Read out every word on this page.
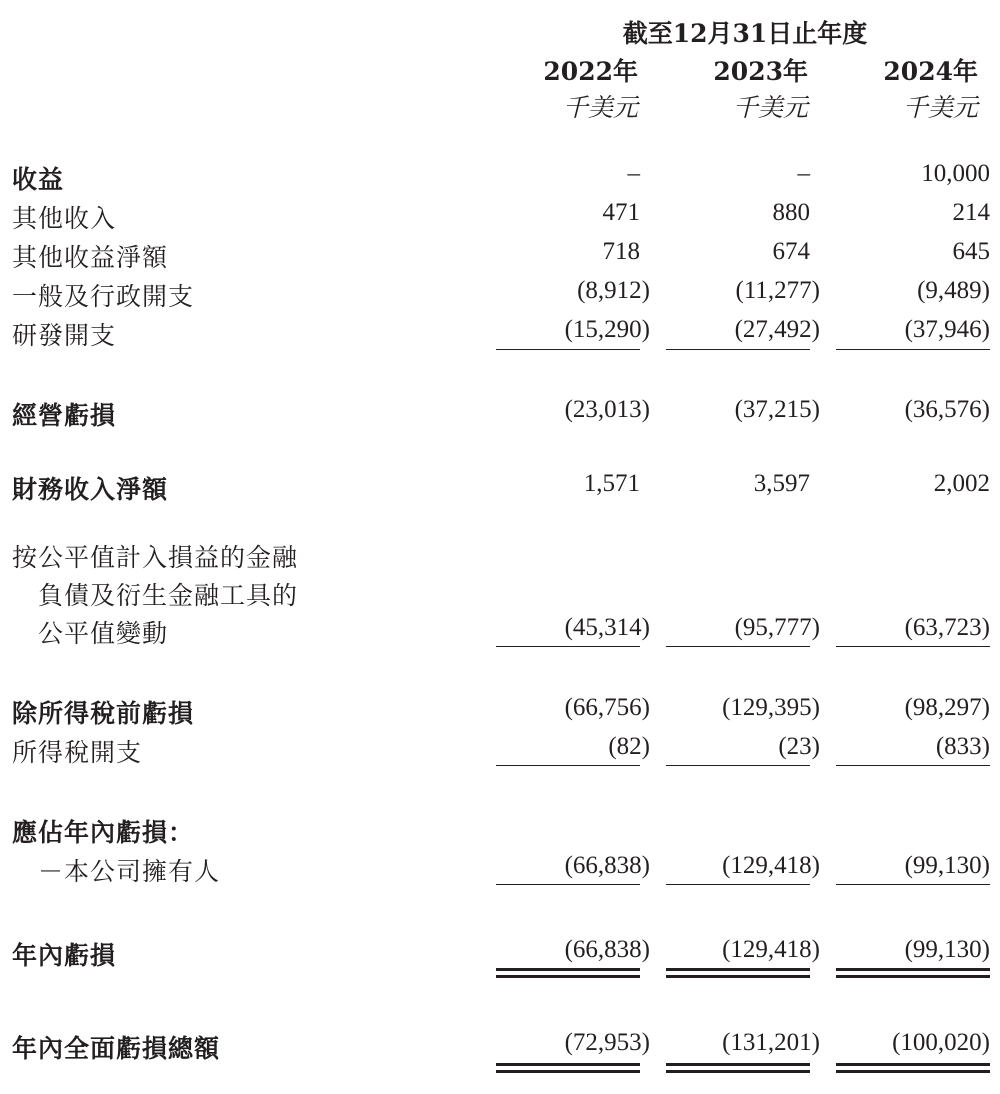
截至12月31日止年度
2022年	2023年	2024年
千美元	千美元	千美元
收益	–	–	10,000
其他收入	471	880	214
其他收益淨額	718	674	645
一般及行政開支	(8,912)	(11,277)	(9,489)
研發開支	(15,290)	(27,492)	(37,946)
經營虧損	(23,013)	(37,215)	(36,576)
財務收入淨額	1,571	3,597	2,002
按公平值計入損益的金融
負債及衍生金融工具的
公平值變動	(45,314)	(95,777)	(63,723)
除所得稅前虧損	(66,756)	(129,395)	(98,297)
所得稅開支	(82)	(23)	(833)
應佔年內虧損：
－本公司擁有人	(66,838)	(129,418)	(99,130)
年內虧損	(66,838)	(129,418)	(99,130)
年內全面虧損總額	(72,953)	(131,201)	(100,020)
